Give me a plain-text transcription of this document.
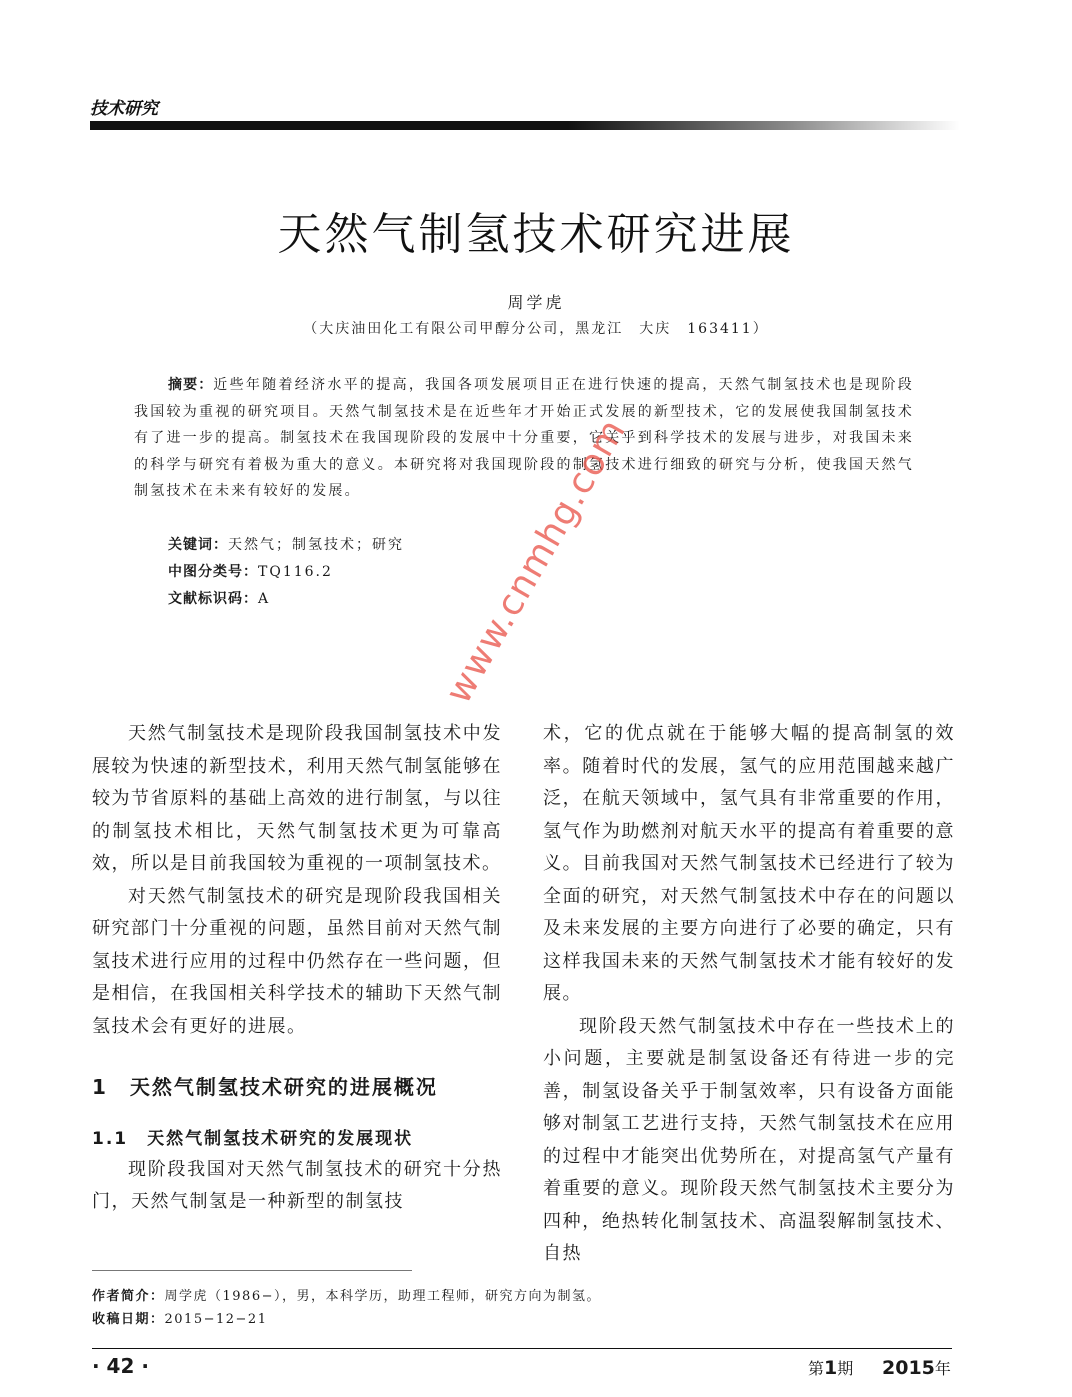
技术研究
天然气制氢技术研究进展
周学虎
（大庆油田化工有限公司甲醇分公司，黑龙江　大庆　163411）

摘要：近些年随着经济水平的提高，我国各项发展项目正在进行快速的提高，天然气制氢技术也是现阶段我国较为重视的研究项目。天然气制氢技术是在近些年才开始正式发展的新型技术，它的发展使我国制氢技术有了进一步的提高。制氢技术在我国现阶段的发展中十分重要，它关乎到科学技术的发展与进步，对我国未来的科学与研究有着极为重大的意义。本研究将对我国现阶段的制氢技术进行细致的研究与分析，使我国天然气制氢技术在未来有较好的发展。

关键词：天然气；制氢技术；研究
中图分类号：TQ116.2
文献标识码：A	www.cnmhg.com

天然气制氢技术是现阶段我国制氢技术中发展较为快速的新型技术，利用天然气制氢能够在较为节省原料的基础上高效的进行制氢，与以往的制氢技术相比，天然气制氢技术更为可靠高效，所以是目前我国较为重视的一项制氢技术。

对天然气制氢技术的研究是现阶段我国相关研究部门十分重视的问题，虽然目前对天然气制氢技术进行应用的过程中仍然存在一些问题，但是相信，在我国相关科学技术的辅助下天然气制氢技术会有更好的进展。

1　天然气制氢技术研究的进展概况
1.1　天然气制氢技术研究的发展现状

现阶段我国对天然气制氢技术的研究十分热门，天然气制氢是一种新型的制氢技

术，它的优点就在于能够大幅的提高制氢的效率。随着时代的发展，氢气的应用范围越来越广泛，在航天领域中，氢气具有非常重要的作用，氢气作为助燃剂对航天水平的提高有着重要的意义。目前我国对天然气制氢技术已经进行了较为全面的研究，对天然气制氢技术中存在的问题以及未来发展的主要方向进行了必要的确定，只有这样我国未来的天然气制氢技术才能有较好的发展。

现阶段天然气制氢技术中存在一些技术上的小问题，主要就是制氢设备还有待进一步的完善，制氢设备关乎于制氢效率，只有设备方面能够对制氢工艺进行支持，天然气制氢技术在应用的过程中才能突出优势所在，对提高氢气产量有着重要的意义。现阶段天然气制氢技术主要分为四种，绝热转化制氢技术、高温裂解制氢技术、自热

作者简介：周学虎（1986−），男，本科学历，助理工程师，研究方向为制氢。
收稿日期：2015−12−21
· 42 ·	第1期 2015年
